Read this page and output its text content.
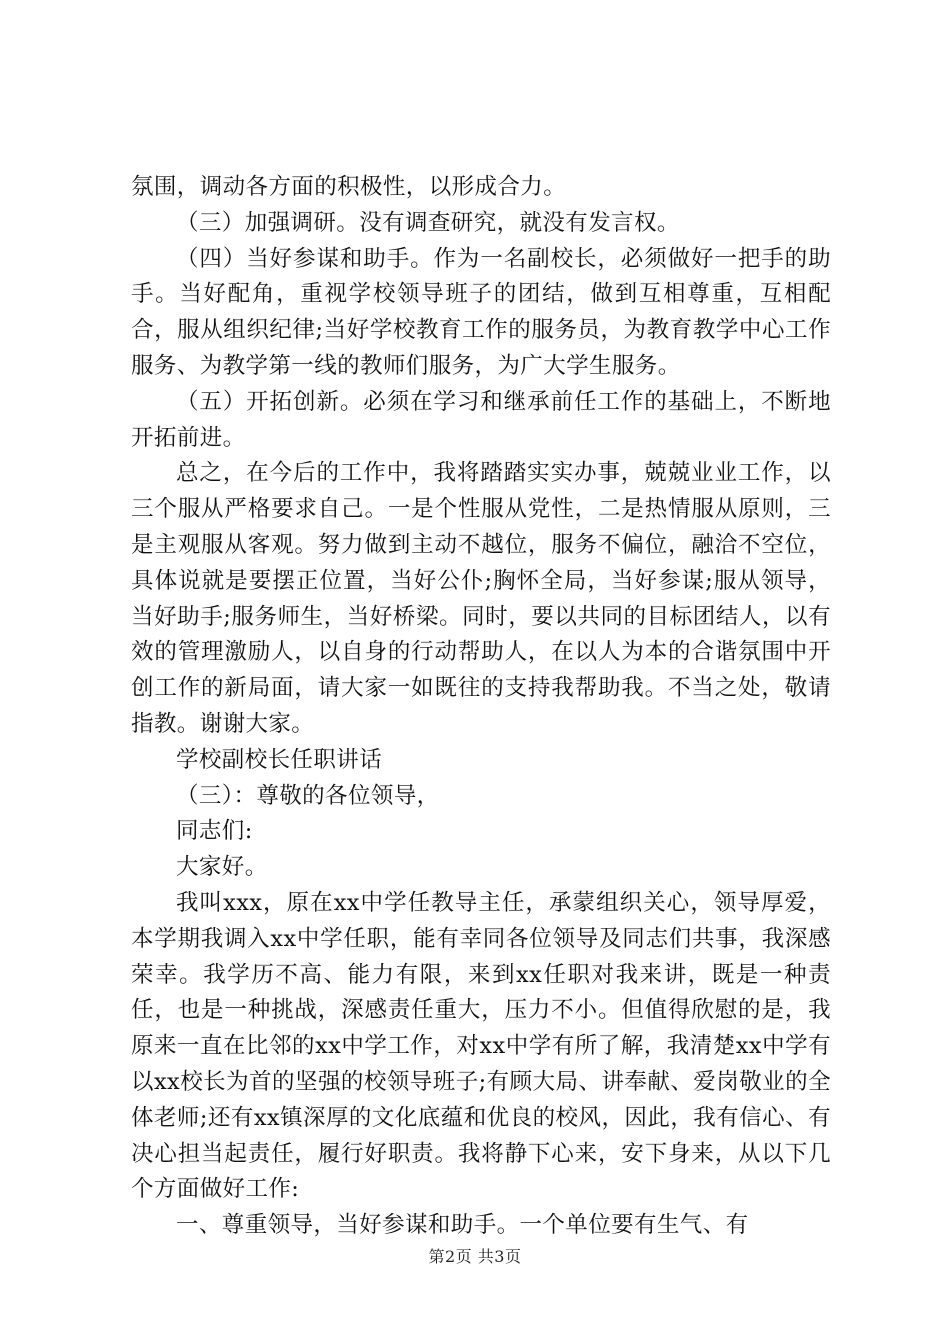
氛围，调动各方面的积极性，以形成合力。

（三）加强调研。没有调查研究，就没有发言权。

（四）当好参谋和助手。作为一名副校长，必须做好一把手的助手。当好配角，重视学校领导班子的团结，做到互相尊重，互相配合，服从组织纪律;当好学校教育工作的服务员，为教育教学中心工作服务、为教学第一线的教师们服务，为广大学生服务。

（五）开拓创新。必须在学习和继承前任工作的基础上，不断地开拓前进。

总之，在今后的工作中，我将踏踏实实办事，兢兢业业工作，以三个服从严格要求自己。一是个性服从党性，二是热情服从原则，三是主观服从客观。努力做到主动不越位，服务不偏位，融洽不空位，具体说就是要摆正位置，当好公仆;胸怀全局，当好参谋;服从领导，当好助手;服务师生，当好桥梁。同时，要以共同的目标团结人，以有效的管理激励人，以自身的行动帮助人，在以人为本的合谐氛围中开创工作的新局面，请大家一如既往的支持我帮助我。不当之处，敬请指教。谢谢大家。

学校副校长任职讲话

（三）：尊敬的各位领导，

同志们:

大家好。

我叫xxx，原在xx中学任教导主任，承蒙组织关心，领导厚爱，本学期我调入xx中学任职，能有幸同各位领导及同志们共事，我深感荣幸。我学历不高、能力有限，来到xx任职对我来讲，既是一种责任，也是一种挑战，深感责任重大，压力不小。但值得欣慰的是，我原来一直在比邻的xx中学工作，对xx中学有所了解，我清楚xx中学有以xx校长为首的坚强的校领导班子;有顾大局、讲奉献、爱岗敬业的全体老师;还有xx镇深厚的文化底蕴和优良的校风，因此，我有信心、有决心担当起责任，履行好职责。我将静下心来，安下身来，从以下几个方面做好工作:

一、尊重领导，当好参谋和助手。一个单位要有生气、有

第2页 共3页
